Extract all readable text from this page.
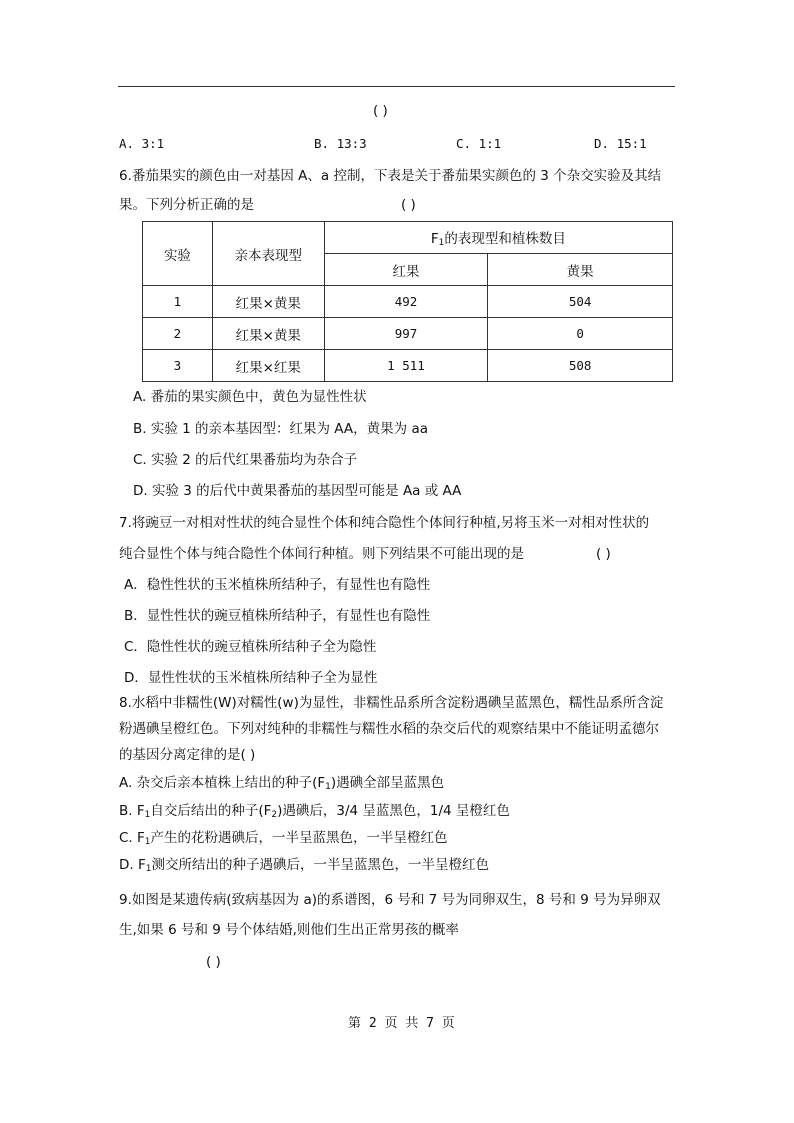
( )
A. 3:1	B. 13:3	C. 1:1	D. 15:1
6.番茄果实的颜色由一对基因 A、a 控制，下表是关于番茄果实颜色的 3 个杂交实验及其结
果。下列分析正确的是	( )
实验	亲本表现型	$F_1$的表现型和植株数目	
		红果	黄果
1	红果×黄果	492	504
2	红果×黄果	997	0
3	红果×红果	1 511	508
A. 番茄的果实颜色中，黄色为显性性状
B. 实验 1 的亲本基因型：红果为 AA，黄果为 aa
C. 实验 2 的后代红果番茄均为杂合子
D. 实验 3 的后代中黄果番茄的基因型可能是 Aa 或 AA
7.将豌豆一对相对性状的纯合显性个体和纯合隐性个体间行种植,另将玉米一对相对性状的
纯合显性个体与纯合隐性个体间行种植。则下列结果不可能出现的是	( )
A．稳性性状的玉米植株所结种子，有显性也有隐性
B．显性性状的豌豆植株所结种子，有显性也有隐性
C．隐性性状的豌豆植株所结种子全为隐性
D．显性性状的玉米植株所结种子全为显性
8.水稻中非糯性(W)对糯性(w)为显性，非糯性品系所含淀粉遇碘呈蓝黑色，糯性品系所含淀
粉遇碘呈橙红色。下列对纯种的非糯性与糯性水稻的杂交后代的观察结果中不能证明孟德尔
的基因分离定律的是( )
A. 杂交后亲本植株上结出的种子$(F_1)$遇碘全部呈蓝黑色
B. $F_1$自交后结出的种子$(F_2)$遇碘后，3/4 呈蓝黑色，1/4 呈橙红色
C. $F_1$产生的花粉遇碘后，一半呈蓝黑色，一半呈橙红色
D. $F_1$测交所结出的种子遇碘后，一半呈蓝黑色，一半呈橙红色
9.如图是某遗传病(致病基因为 a)的系谱图，6 号和 7 号为同卵双生，8 号和 9 号为异卵双
生,如果 6 号和 9 号个体结婚,则他们生出正常男孩的概率
( )
第 2 页 共 7 页
